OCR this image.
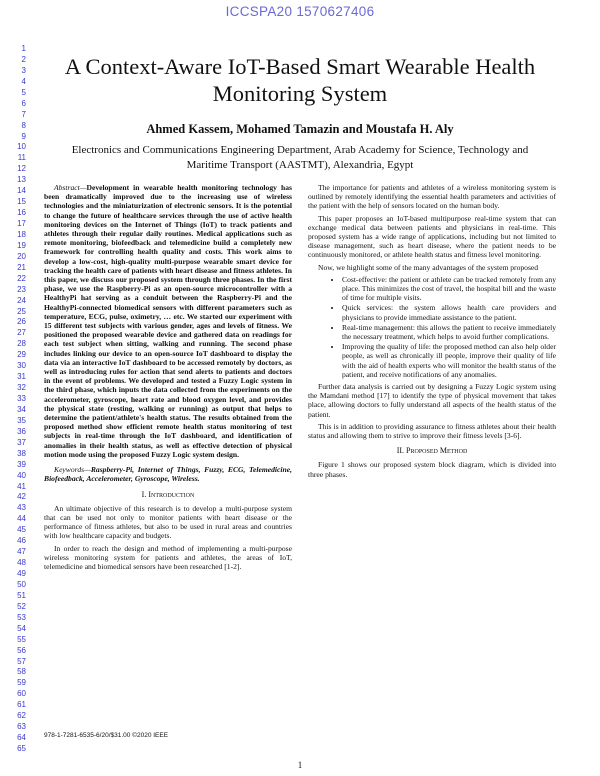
ICCSPA20 1570627406
1
2
3
4
5
6
7
8
9
10
11
12
13
14
15
16
17
18
19
20
21
22
23
24
25
26
27
28
29
30
31
32
33
34
35
36
37
38
39
40
41
42
43
44
45
46
47
48
49
50
51
52
53
54
55
56
57
58
59
60
61
62
63
64
65
A Context-Aware IoT-Based Smart Wearable Health Monitoring System
Ahmed Kassem, Mohamed Tamazin and Moustafa H. Aly
Electronics and Communications Engineering Department, Arab Academy for Science, Technology and Maritime Transport (AASTMT), Alexandria, Egypt

Abstract—Development in wearable health monitoring technology has been dramatically improved due to the increasing use of wireless technologies and the miniaturization of electronic sensors. It is the potential to change the future of healthcare services through the use of active health monitoring devices on the Internet of Things (IoT) to track patients and athletes through their regular daily routines. Medical applications such as remote monitoring, biofeedback and telemedicine build a completely new framework for controlling health quality and costs. This work aims to develop a low-cost, high-quality multi-purpose wearable smart device for tracking the health care of patients with heart disease and fitness athletes. In this paper, we discuss our proposed system through three phases. In the first phase, we use the Raspberry-Pi as an open-source microcontroller with a HealthyPi hat serving as a conduit between the Raspberry-Pi and the HealthyPi-connected biomedical sensors with different parameters such as temperature, ECG, pulse, oximetry, … etc. We started our experiment with 15 different test subjects with various gender, ages and levels of fitness. We positioned the proposed wearable device and gathered data on readings for each test subject when sitting, walking and running. The second phase includes linking our device to an open-source IoT dashboard to display the data via an interactive IoT dashboard to be accessed remotely by doctors, as well as introducing rules for action that send alerts to patients and doctors in the event of problems. We developed and tested a Fuzzy Logic system in the third phase, which inputs the data collected from the experiments on the accelerometer, gyroscope, heart rate and blood oxygen level, and provides the physical state (resting, walking or running) as output that helps to determine the patient/athlete's health status. The results obtained from the proposed method show efficient remote health status monitoring of test subjects in real-time through the IoT dashboard, and identification of anomalies in their health status, as well as effective detection of physical motion mode using the proposed Fuzzy Logic system design.

Keywords—Raspberry-Pi, Internet of Things, Fuzzy, ECG, Telemedicine, Biofeedback, Accelerometer, Gyroscope, Wireless.

I. Introduction

An ultimate objective of this research is to develop a multi-purpose system that can be used not only to monitor patients with heart disease or the performance of fitness athletes, but also to be used in rural areas and countries with low healthcare capacity and budgets.

In order to reach the design and method of implementing a multi-purpose wireless monitoring system for patients and athletes, the areas of IoT, telemedicine and biomedical sensors have been researched [1-2].

The importance for patients and athletes of a wireless monitoring system is outlined by remotely identifying the essential health parameters and activities of the patient with the help of sensors located on the human body.

This paper proposes an IoT-based multipurpose real-time system that can exchange medical data between patients and physicians in real-time. This proposed system has a wide range of applications, including but not limited to disease management, such as heart disease, where the patient needs to be continuously monitored, or athlete health status and fitness level monitoring.

Now, we highlight some of the many advantages of the system proposed

• Cost-effective: the patient or athlete can be tracked remotely from any place. This minimizes the cost of travel, the hospital bill and the waste of time for multiple visits.
• Quick services: the system allows health care providers and physicians to provide immediate assistance to the patient.
• Real-time management: this allows the patient to receive immediately the necessary treatment, which helps to avoid further complications.
• Improving the quality of life: the proposed method can also help older people, as well as chronically ill people, improve their quality of life with the aid of health experts who will monitor the health status of the patient, and receive notifications of any anomalies.

Further data analysis is carried out by designing a Fuzzy Logic system using the Mamdani method [17] to identify the type of physical movement that takes place, allowing doctors to fully understand all aspects of the health status of the patient.

This is in addition to providing assurance to fitness athletes about their health status and allowing them to strive to improve their fitness levels [3-6].

II. Proposed Method

Figure 1 shows our proposed system block diagram, which is divided into three phases.

978-1-7281-6535-6/20/$31.00 ©2020 IEEE
1
